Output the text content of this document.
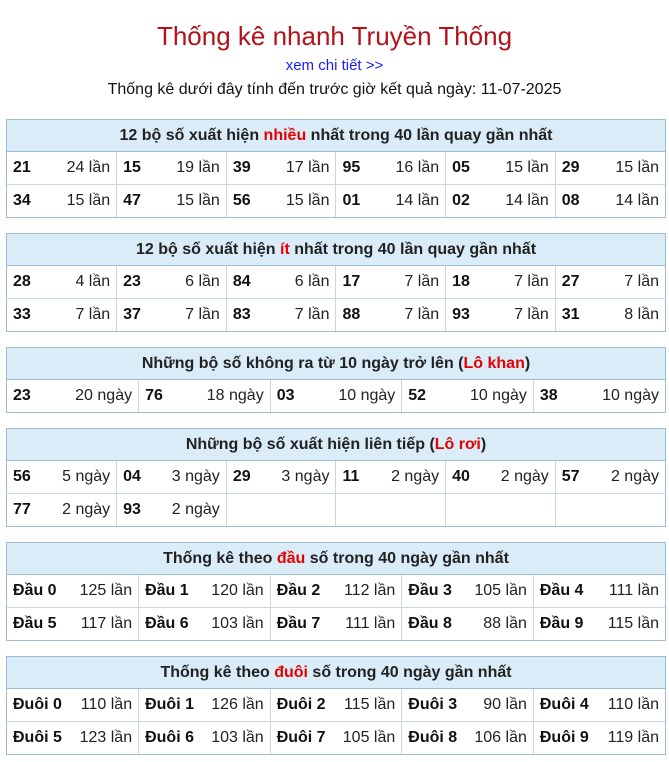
Thống kê nhanh Truyền Thống
xem chi tiết >>
Thống kê dưới đây tính đến trước giờ kết quả ngày: 11-07-2025
12 bộ số xuất hiện nhiều nhất trong 40 lần quay gần nhất
21 24 lần	15 19 lần	39 17 lần	95 16 lần	05 15 lần	29 15 lần

34 15 lần	47 15 lần	56 15 lần	01 14 lần	02 14 lần	08 14 lần
12 bộ số xuất hiện ít nhất trong 40 lần quay gần nhất
28 4 lần	23 6 lần	84 6 lần	17 7 lần	18 7 lần	27 7 lần

33 7 lần	37 7 lần	83 7 lần	88 7 lần	93 7 lần	31 8 lần
Những bộ số không ra từ 10 ngày trở lên (Lô khan)
23	20 ngày	76	18 ngày	03	10 ngày	52	10 ngày	38	10 ngày
Những bộ số xuất hiện liên tiếp (Lô rơi)
56 5 ngày	04 3 ngày	29 3 ngày	11 2 ngày	40 2 ngày	57 2 ngày

77 2 ngày	93 2 ngày				

Thống kê theo đầu số trong 40 ngày gần nhất
Đầu 0 125 lần	Đầu 1 120 lần	Đầu 2 112 lần	Đầu 3 105 lần	Đầu 4 111 lần

Đầu 5 117 lần	Đầu 6 103 lần	Đầu 7 111 lần	Đầu 8 88 lần	Đầu 9 115 lần
Thống kê theo đuôi số trong 40 ngày gần nhất
Đuôi 0 110 lần	Đuôi 1 126 lần	Đuôi 2 115 lần	Đuôi 3 90 lần	Đuôi 4 110 lần

Đuôi 5 123 lần	Đuôi 6 103 lần	Đuôi 7 105 lần	Đuôi 8 106 lần	Đuôi 9 119 lần
